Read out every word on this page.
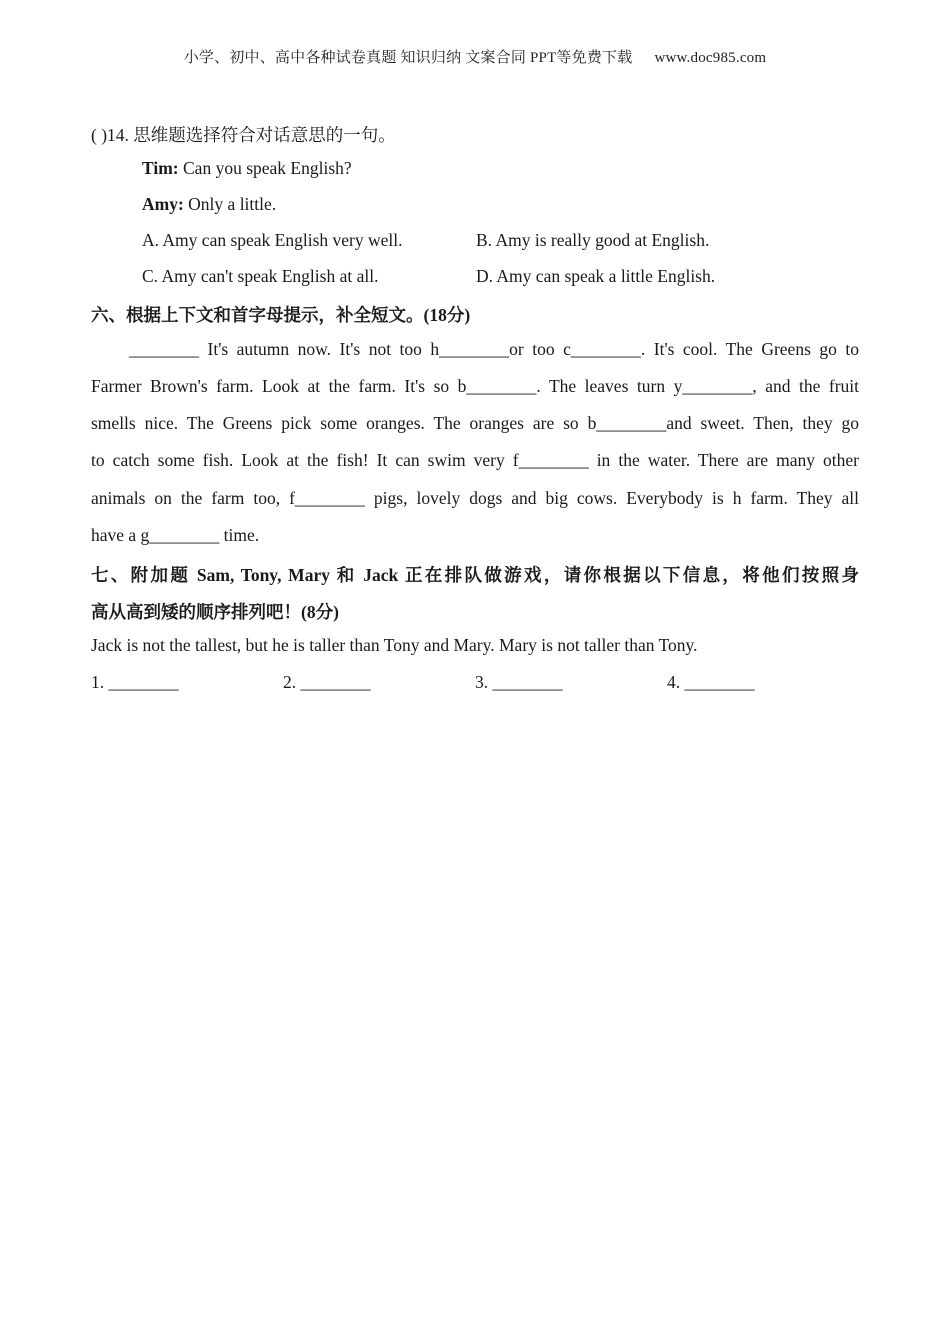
小学、初中、高中各种试卷真题 知识归纳 文案合同 PPT等免费下载 www.doc985.com
( )14. 思维题选择符合对话意思的一句。
Tim: Can you speak English?
Amy: Only a little.
A. Amy can speak English very well.	B. Amy is really good at English.
C. Amy can't speak English at all.	D. Amy can speak a little English.
六、根据上下文和首字母提示，补全短文。(18分)
________ It's autumn now. It's not too h________or too c________. It's cool. The Greens go to
Farmer Brown's farm. Look at the farm. It's so b________. The leaves turn y________, and the fruit
smells nice. The Greens pick some oranges. The oranges are so b________and sweet. Then, they go
to catch some fish. Look at the fish! It can swim very f________ in the water. There are many other
animals on the farm too, f________ pigs, lovely dogs and big cows. Everybody is h farm. They all
have a g________ time.
七、附加题 Sam, Tony, Mary 和 Jack 正在排队做游戏，请你根据以下信息，将他们按照身
高从高到矮的顺序排列吧！(8分)
Jack is not the tallest, but he is taller than Tony and Mary. Mary is not taller than Tony.
1. ________	2. ________	3. ________	4. ________
